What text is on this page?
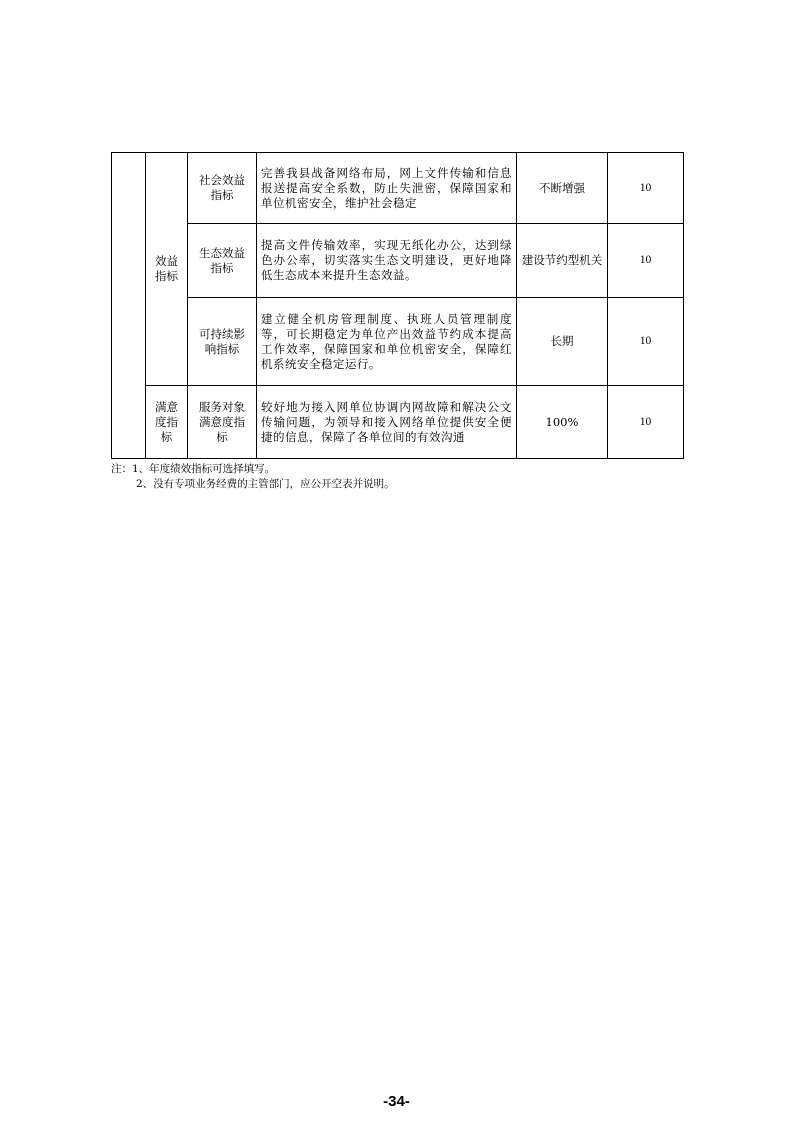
	效益指标	社会效益指标	完善我县战备网络布局，网上文件传输和信息报送提高安全系数，防止失泄密，保障国家和单位机密安全，维护社会稳定	不断增强	10
		生态效益指标	提高文件传输效率，实现无纸化办公，达到绿色办公率，切实落实生态文明建设，更好地降低生态成本来提升生态效益。	建设节约型机关	10
		可持续影响指标	建立健全机房管理制度、执班人员管理制度等，可长期稳定为单位产出效益节约成本提高工作效率，保障国家和单位机密安全，保障红机系统安全稳定运行。	长期	10
	满意度指标	服务对象满意度指标	较好地为接入网单位协调内网故障和解决公文传输问题，为领导和接入网络单位提供安全便捷的信息，保障了各单位间的有效沟通	100%	10
注：1、年度绩效指标可选择填写。
2、没有专项业务经费的主管部门，应公开空表并说明。
-34-
